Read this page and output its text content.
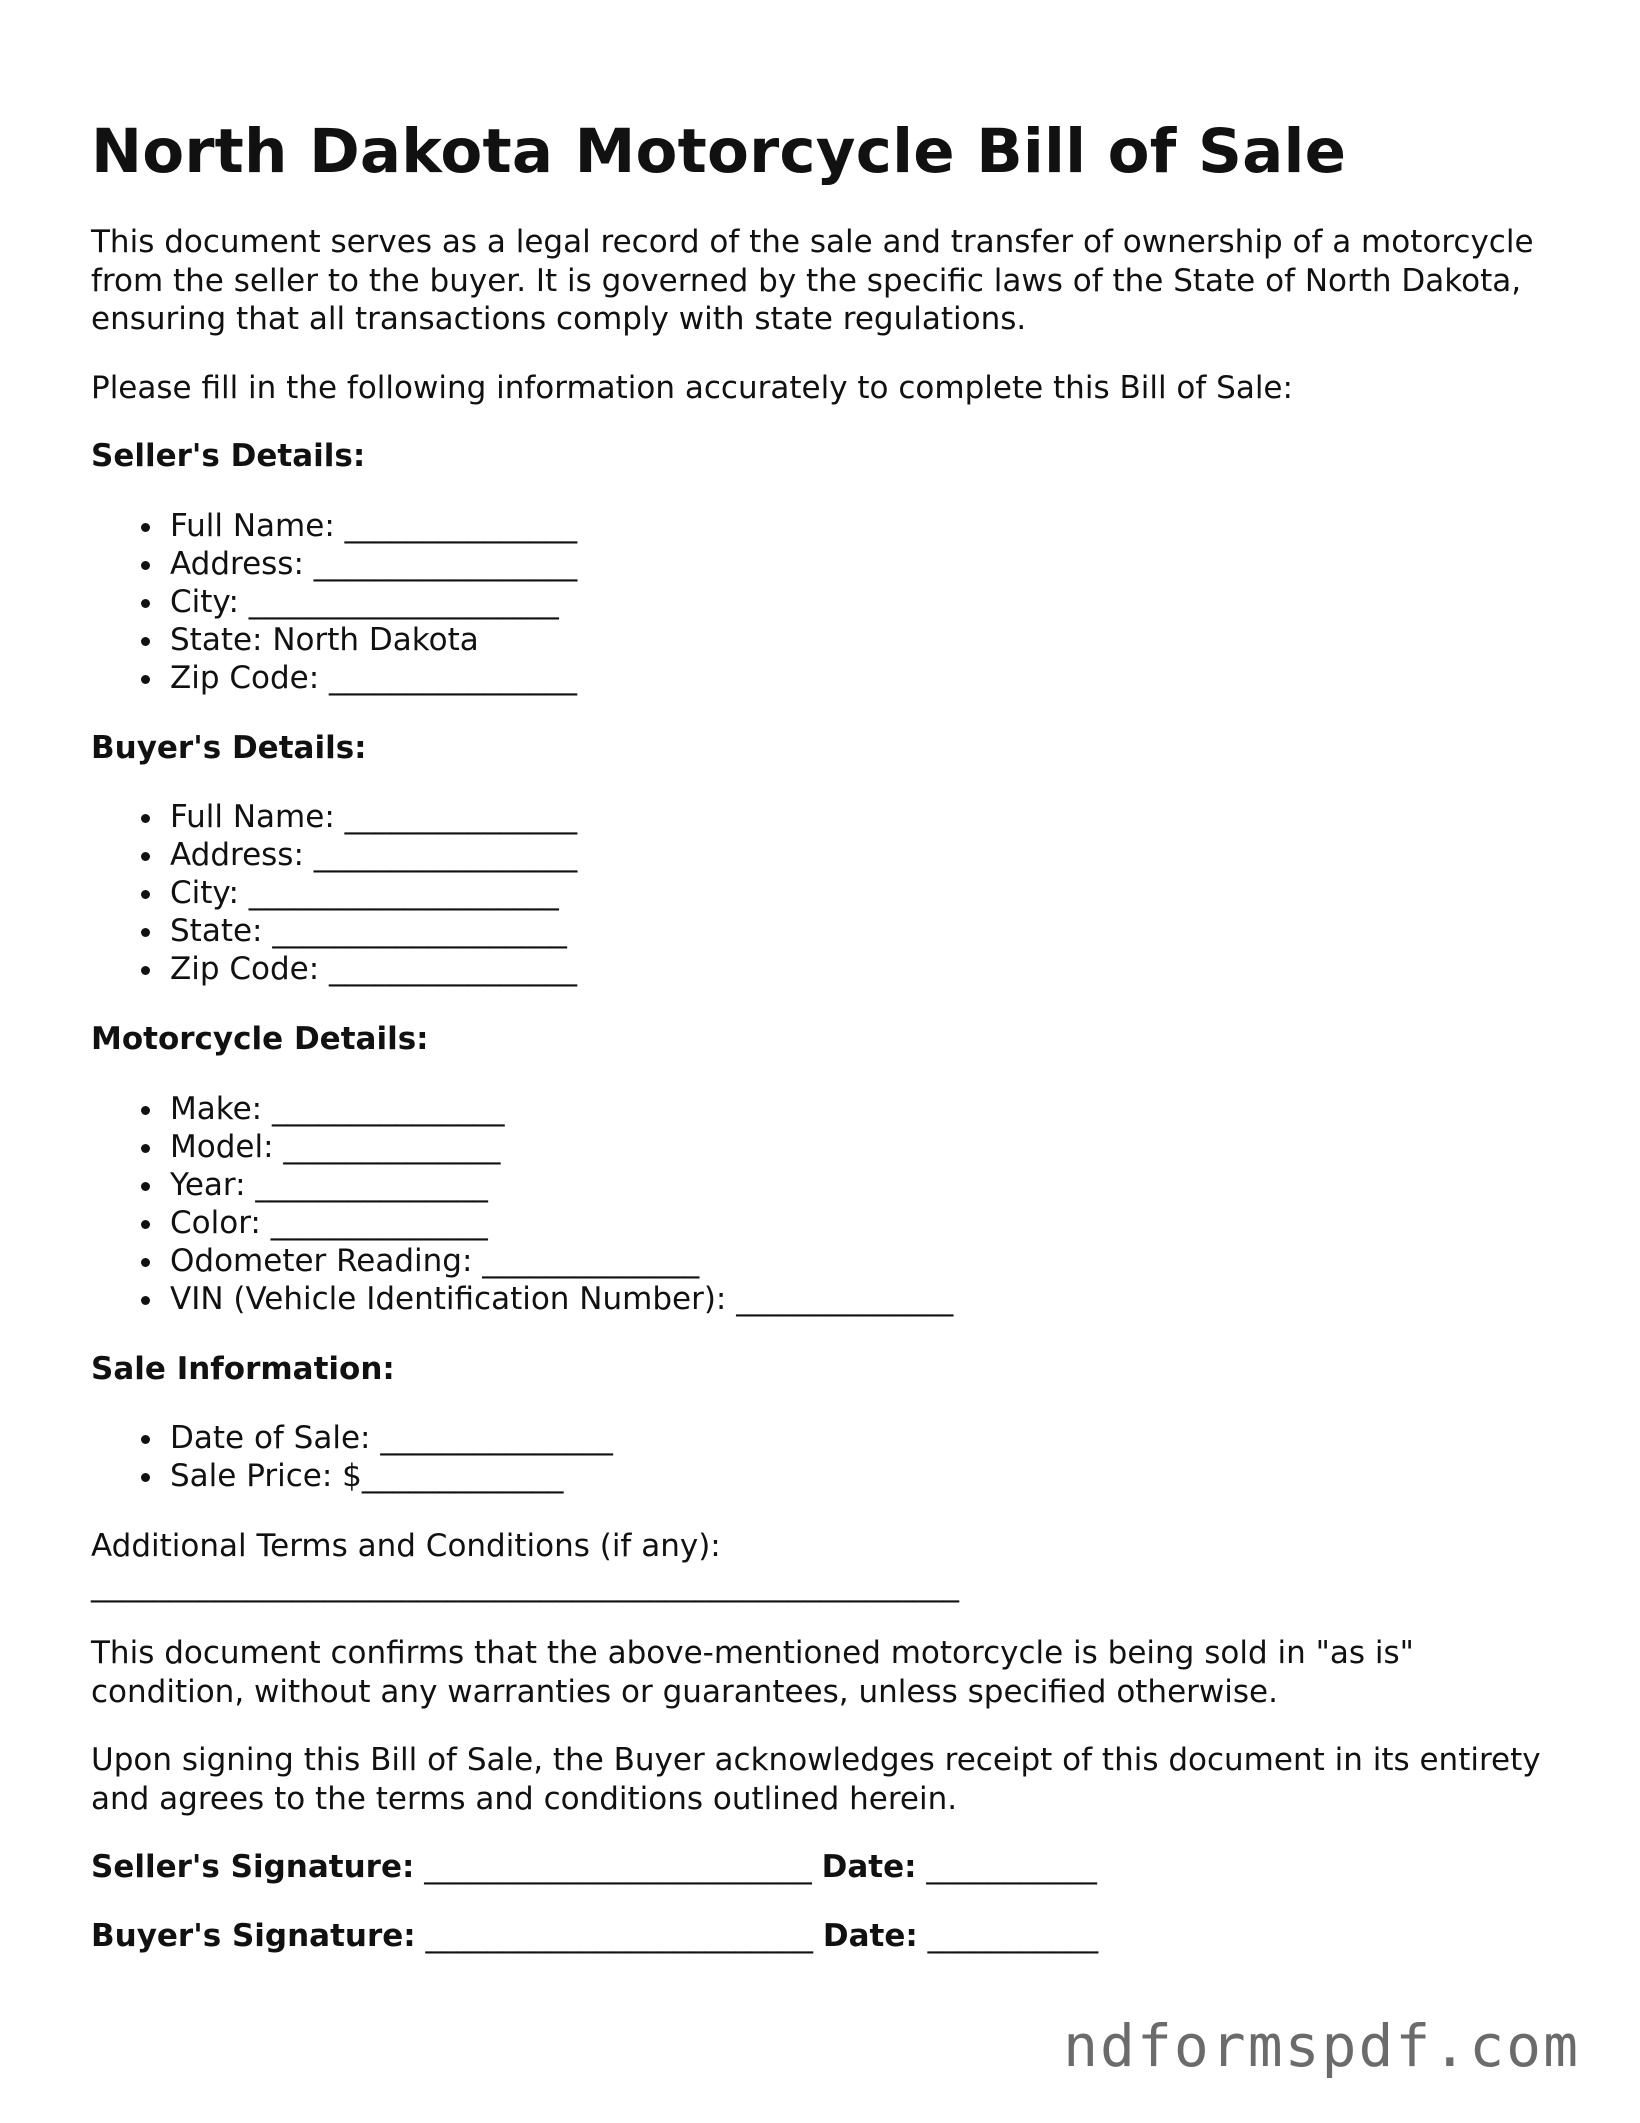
North Dakota Motorcycle Bill of Sale

This document serves as a legal record of the sale and transfer of ownership of a motorcycle from the seller to the buyer. It is governed by the specific laws of the State of North Dakota, ensuring that all transactions comply with state regulations.

Please fill in the following information accurately to complete this Bill of Sale:

Seller's Details:
Full Name: _______________
Address: _________________
City: ____________________
State: North Dakota
Zip Code: ________________
Buyer's Details:
Full Name: _______________
Address: _________________
City: ____________________
State: ___________________
Zip Code: ________________
Motorcycle Details:
Make: _______________
Model: ______________
Year: _______________
Color: ______________
Odometer Reading: ______________
VIN (Vehicle Identification Number): ______________
Sale Information:
Date of Sale: _______________
Sale Price: $_____________

Additional Terms and Conditions (if any):
________________________________________________________

This document confirms that the above-mentioned motorcycle is being sold in "as is" condition, without any warranties or guarantees, unless specified otherwise.

Upon signing this Bill of Sale, the Buyer acknowledges receipt of this document in its entirety and agrees to the terms and conditions outlined herein.

Seller's Signature: _________________________ Date: ___________
Buyer's Signature: _________________________ Date: ___________
ndformspdf.com
